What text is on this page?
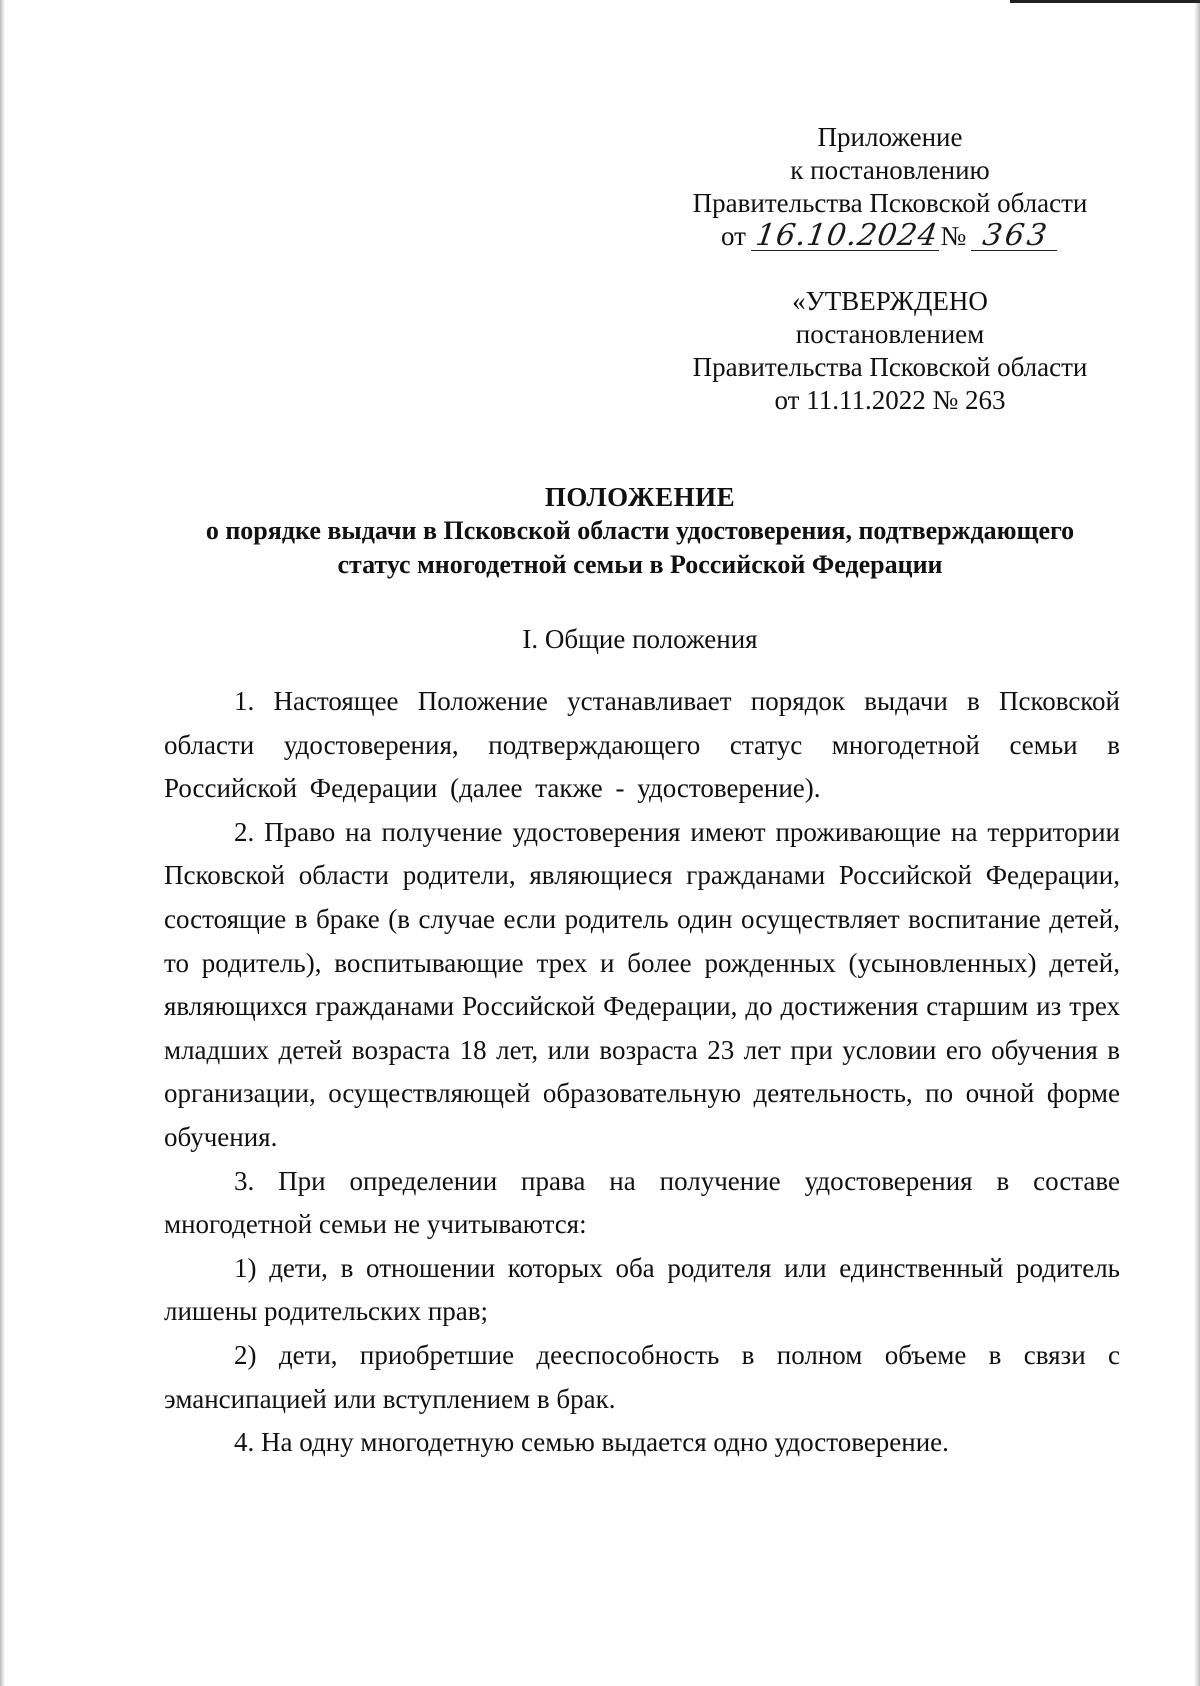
Приложение
к постановлению
Правительства Псковской области
от 16.10.2024№ 363
«УТВЕРЖДЕНО
постановлением
Правительства Псковской области
от 11.11.2022 № 263
ПОЛОЖЕНИЕ
о порядке выдачи в Псковской области удостоверения, подтверждающего
статус многодетной семьи в Российской Федерации
I. Общие положения

1. Настоящее Положение устанавливает порядок выдачи в Псковской области удостоверения, подтверждающего статус многодетной семьи в Российской Федерации (далее также - удостоверение).

2. Право на получение удостоверения имеют проживающие на территории Псковской области родители, являющиеся гражданами Российской Федерации, состоящие в браке (в случае если родитель один осуществляет воспитание детей, то родитель), воспитывающие трех и более рожденных (усыновленных) детей, являющихся гражданами Российской Федерации, до достижения старшим из трех младших детей возраста 18 лет, или возраста 23 лет при условии его обучения в организации, осуществляющей образовательную деятельность, по очной форме обучения.

3. При определении права на получение удостоверения в составе многодетной семьи не учитываются:

1) дети, в отношении которых оба родителя или единственный родитель лишены родительских прав;

2) дети, приобретшие дееспособность в полном объеме в связи с эмансипацией или вступлением в брак.

4. На одну многодетную семью выдается одно удостоверение.
